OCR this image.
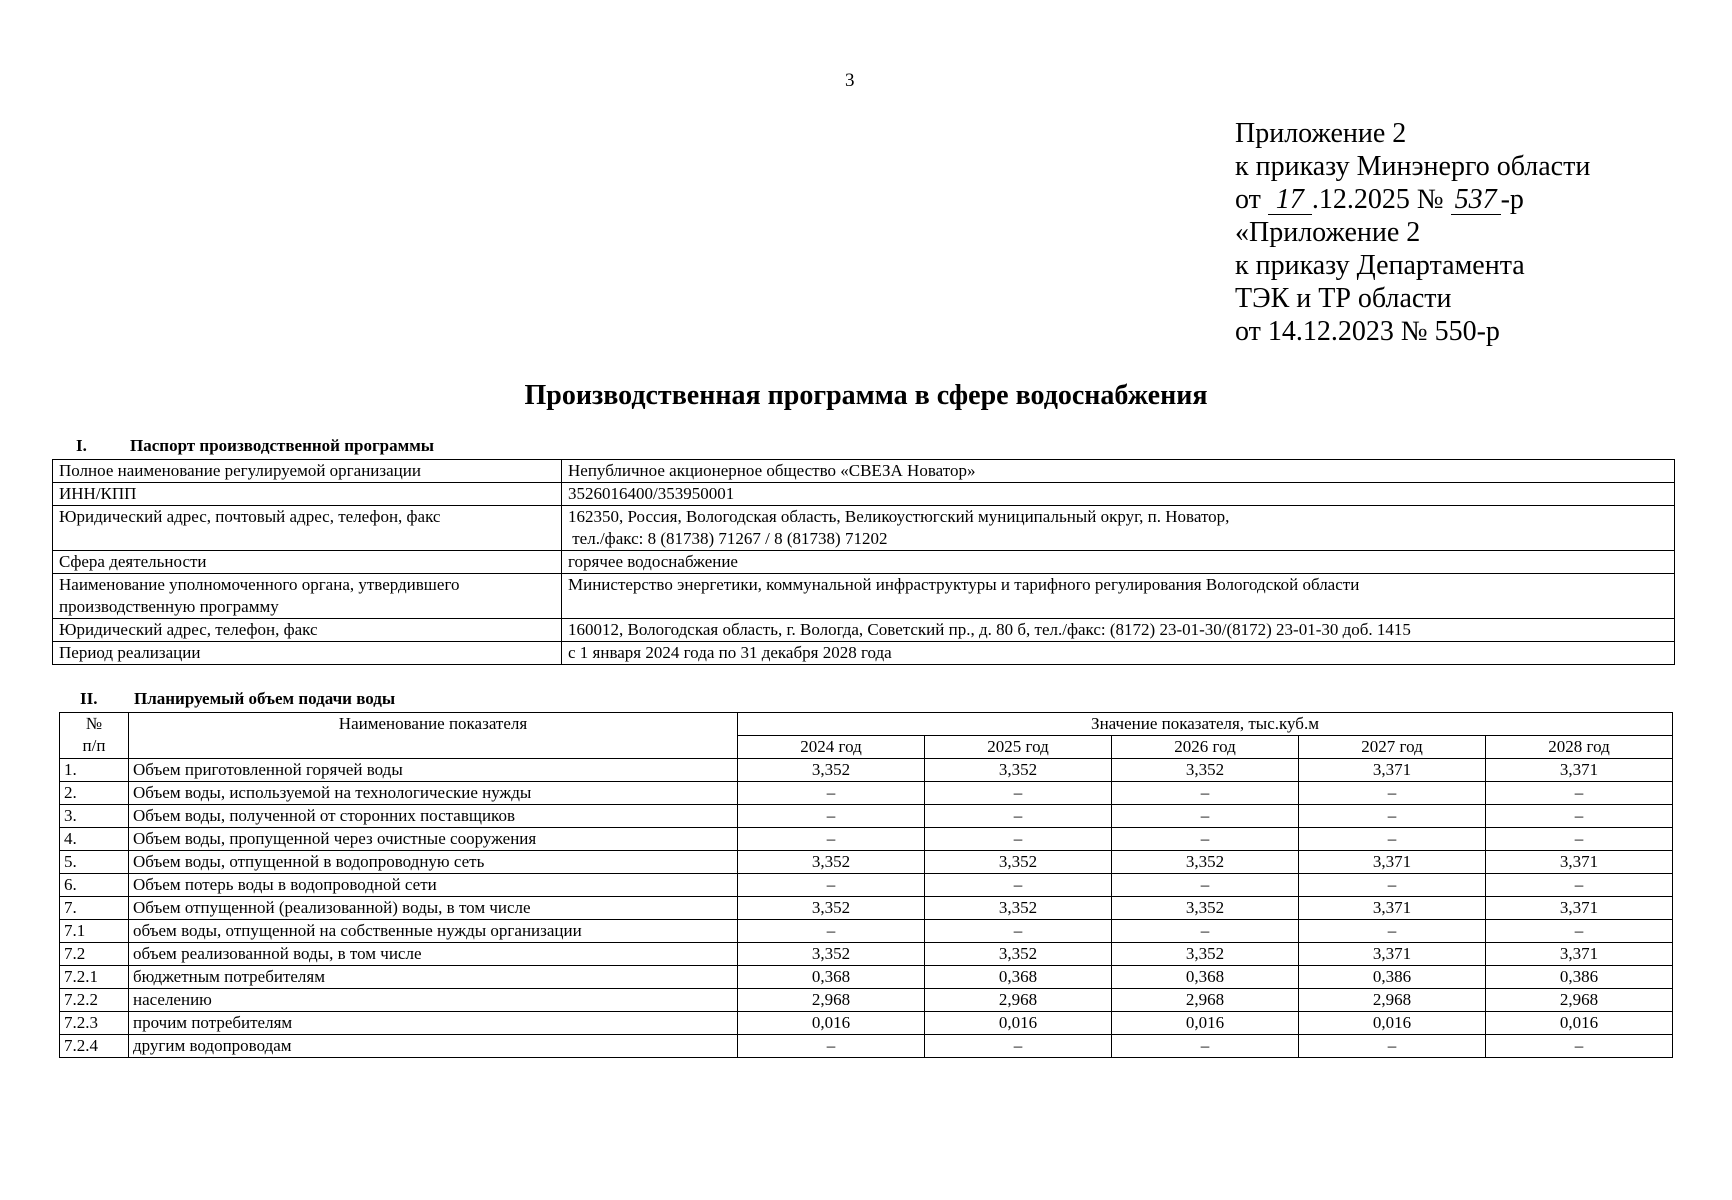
3
Приложение 2
к приказу Минэнерго области
от 17 .12.2025 № 537 -р
«Приложение 2
к приказу Департамента
ТЭК и ТР области
от 14.12.2023 № 550-р
Производственная программа в сфере водоснабжения
I.	Паспорт производственной программы
Полное наименование регулируемой организации	Непубличное акционерное общество «СВЕЗА Новатор»
ИНН/КПП	3526016400/353950001
Юридический адрес, почтовый адрес, телефон, факс	162350, Россия, Вологодская область, Великоустюгский муниципальный округ, п. Новатор,
тел./факс: 8 (81738) 71267 / 8 (81738) 71202

Сфера деятельности	горячее водоснабжение

Наименование уполномоченного органа, утвердившего
производственную программу	Министерство энергетики, коммунальной инфраструктуры и тарифного регулирования Вологодской области
Юридический адрес, телефон, факс	160012, Вологодская область, г. Вологда, Советский пр., д. 80 б, тел./факс: (8172) 23-01-30/(8172) 23-01-30 доб. 1415
Период реализации	с 1 января 2024 года по 31 декабря 2028 года
II. Планируемый объем подачи воды
№
п/п	Наименование показателя	Значение показателя, тыс.куб.м				
		2024 год	2025 год	2026 год	2027 год	2028 год
1.	Объем приготовленной горячей воды	3,352	3,352	3,352	3,371	3,371
2.	Объем воды, используемой на технологические нужды	–	–	–	–	–
3.	Объем воды, полученной от сторонних поставщиков	–	–	–	–	–
4.	Объем воды, пропущенной через очистные сооружения	–	–	–	–	–
5.	Объем воды, отпущенной в водопроводную сеть	3,352	3,352	3,352	3,371	3,371
6.	Объем потерь воды в водопроводной сети	–	–	–	–	–
7.	Объем отпущенной (реализованной) воды, в том числе	3,352	3,352	3,352	3,371	3,371
7.1	объем воды, отпущенной на собственные нужды организации	–	–	–	–	–
7.2	объем реализованной воды, в том числе	3,352	3,352	3,352	3,371	3,371
7.2.1	бюджетным потребителям	0,368	0,368	0,368	0,386	0,386
7.2.2	населению	2,968	2,968	2,968	2,968	2,968
7.2.3	прочим потребителям	0,016	0,016	0,016	0,016	0,016
7.2.4	другим водопроводам	–	–	–	–	–
